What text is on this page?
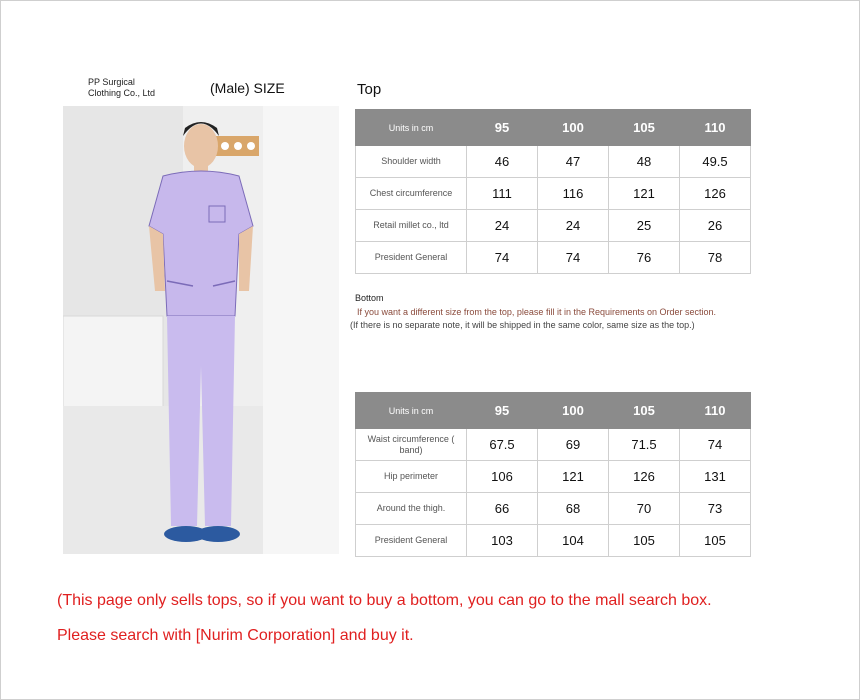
PP Surgical
Clothing Co., Ltd	(Male) SIZE	Top
Units in cm	95	100	105	110
Shoulder width	46	47	48	49.5
Chest circumference	111	116	121	126
Retail millet co., ltd	24	24	25	26
President General	74	74	76	78
Bottom
If you want a different size from the top, please fill it in the Requirements on Order section.
(If there is no separate note, it will be shipped in the same color, same size as the top.)
Units in cm	95	100	105	110
Waist circumference ( band)	67.5	69	71.5	74
Hip perimeter	106	121	126	131
Around the thigh.	66	68	70	73
President General	103	104	105	105
(This page only sells tops, so if you want to buy a bottom, you can go to the mall search box.
Please search with [Nurim Corporation] and buy it.
